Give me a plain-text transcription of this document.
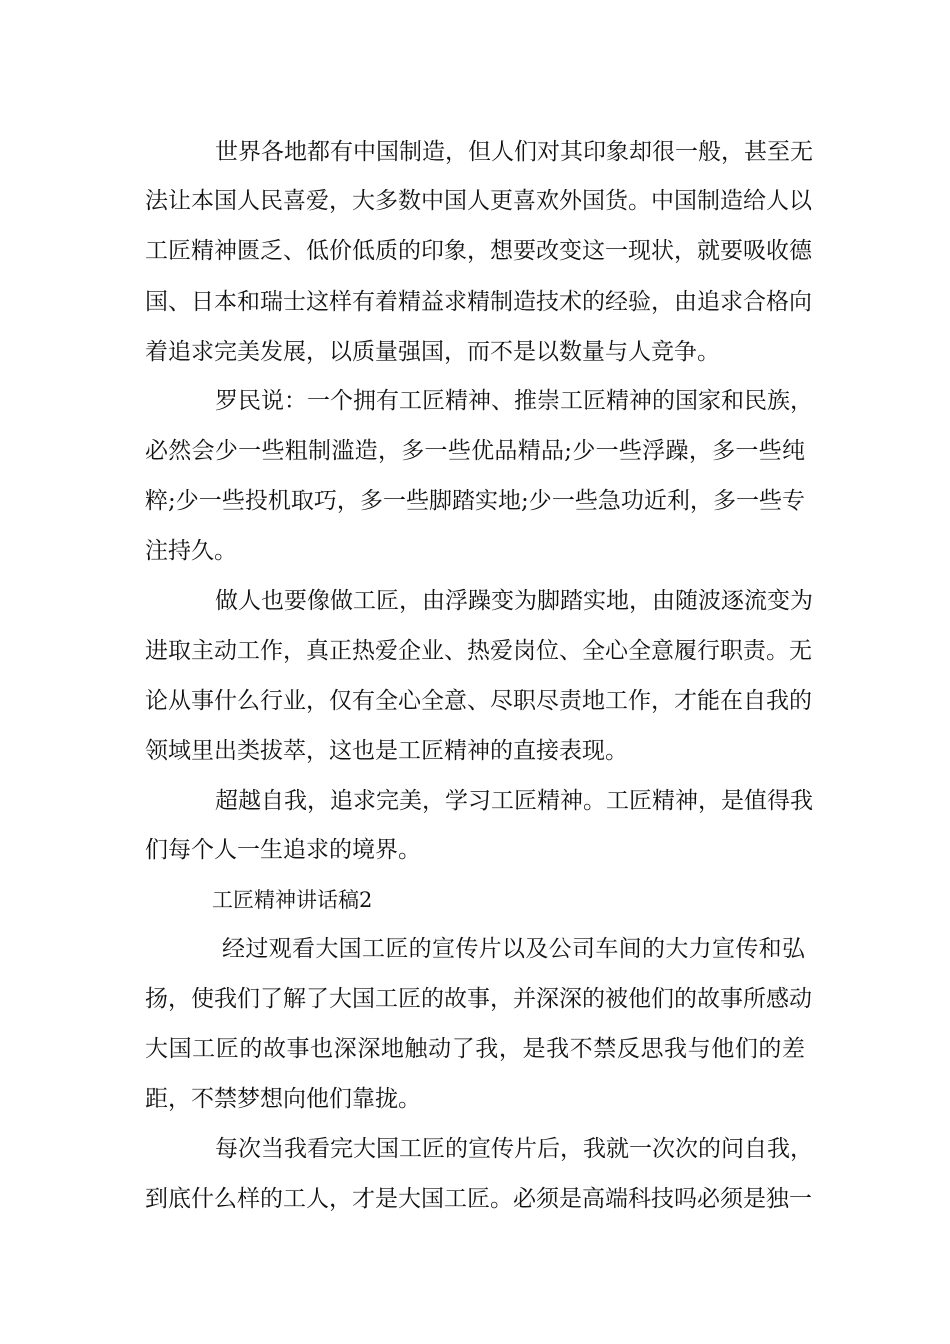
世界各地都有中国制造，但人们对其印象却很一般，甚至无

法让本国人民喜爱，大多数中国人更喜欢外国货。中国制造给人以

工匠精神匮乏、低价低质的印象，想要改变这一现状，就要吸收德

国、日本和瑞士这样有着精益求精制造技术的经验，由追求合格向

着追求完美发展，以质量强国，而不是以数量与人竞争。

罗民说：一个拥有工匠精神、推崇工匠精神的国家和民族，

必然会少一些粗制滥造，多一些优品精品;少一些浮躁，多一些纯

粹;少一些投机取巧，多一些脚踏实地;少一些急功近利，多一些专

注持久。

做人也要像做工匠，由浮躁变为脚踏实地，由随波逐流变为

进取主动工作，真正热爱企业、热爱岗位、全心全意履行职责。无

论从事什么行业，仅有全心全意、尽职尽责地工作，才能在自我的

领域里出类拔萃，这也是工匠精神的直接表现。

超越自我，追求完美，学习工匠精神。工匠精神，是值得我

们每个人一生追求的境界。

工匠精神讲话稿2

经过观看大国工匠的宣传片以及公司车间的大力宣传和弘

扬，使我们了解了大国工匠的故事，并深深的被他们的故事所感动

大国工匠的故事也深深地触动了我，是我不禁反思我与他们的差

距，不禁梦想向他们靠拢。

每次当我看完大国工匠的宣传片后，我就一次次的问自我，

到底什么样的工人，才是大国工匠。必须是高端科技吗必须是独一
